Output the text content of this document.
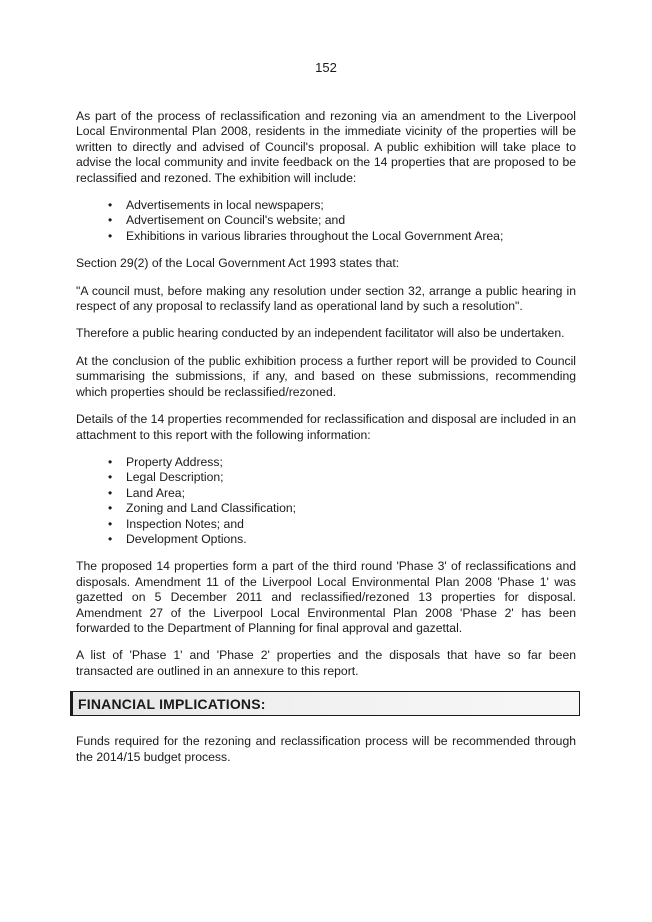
152

As part of the process of reclassification and rezoning via an amendment to the Liverpool Local Environmental Plan 2008, residents in the immediate vicinity of the properties will be written to directly and advised of Council's proposal. A public exhibition will take place to advise the local community and invite feedback on the 14 properties that are proposed to be reclassified and rezoned. The exhibition will include:

• Advertisements in local newspapers;
• Advertisement on Council's website; and
• Exhibitions in various libraries throughout the Local Government Area;

Section 29(2) of the Local Government Act 1993 states that:

"A council must, before making any resolution under section 32, arrange a public hearing in respect of any proposal to reclassify land as operational land by such a resolution".

Therefore a public hearing conducted by an independent facilitator will also be undertaken.

At the conclusion of the public exhibition process a further report will be provided to Council summarising the submissions, if any, and based on these submissions, recommending which properties should be reclassified/rezoned.

Details of the 14 properties recommended for reclassification and disposal are included in an attachment to this report with the following information:

• Property Address;
• Legal Description;
• Land Area;
• Zoning and Land Classification;
• Inspection Notes; and
• Development Options.

The proposed 14 properties form a part of the third round 'Phase 3' of reclassifications and disposals. Amendment 11 of the Liverpool Local Environmental Plan 2008 'Phase 1' was gazetted on 5 December 2011 and reclassified/rezoned 13 properties for disposal. Amendment 27 of the Liverpool Local Environmental Plan 2008 'Phase 2' has been forwarded to the Department of Planning for final approval and gazettal.

A list of 'Phase 1' and 'Phase 2' properties and the disposals that have so far been transacted are outlined in an annexure to this report.

FINANCIAL IMPLICATIONS:

Funds required for the rezoning and reclassification process will be recommended through the 2014/15 budget process.
